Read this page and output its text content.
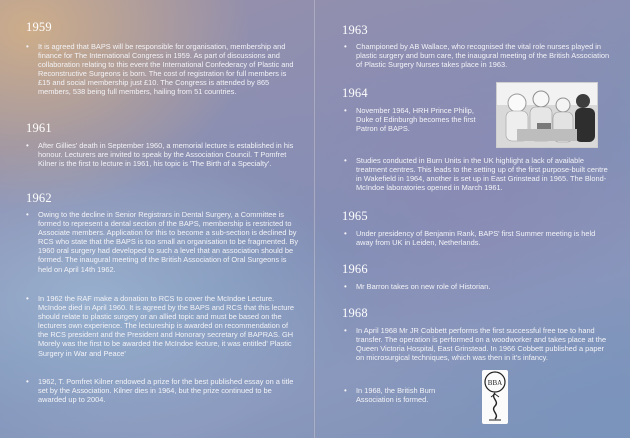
1959
• It is agreed that BAPS will be responsible for organisation, membership and finance for The International Congress in 1959. As part of discussions and collaboration relating to this event the International Confederacy of Plastic and Reconstructive Surgeons is born. The cost of registration for full members is £15 and social membership just £10. The Congress is attended by 865 members, 538 being full members, hailing from 51 countries.
1961
• After Gillies' death in September 1960, a memorial lecture is established in his honour. Lecturers are invited to speak by the Association Council. T Pomfret Kilner is the first to lecture in 1961, his topic is 'The Birth of a Specialty'.
1962
• Owing to the decline in Senior Registrars in Dental Surgery, a Committee is formed to represent a dental section of the BAPS, membership is restricted to Associate members. Application for this to become a sub-section is declined by RCS who state that the BAPS is too small an organisation to be fragmented. By 1960 oral surgery had developed to such a level that an association should be formed. The inaugural meeting of the British Association of Oral Surgeons is held on April 14th 1962.
• In 1962 the RAF make a donation to RCS to cover the McIndoe Lecture. McIndoe died in April 1960. It is agreed by the BAPS and RCS that this lecture should relate to plastic surgery or an allied topic and must be based on the lecturers own experience. The lectureship is awarded on recommendation of the RCS president and the President and Honorary secretary of BAPRAS. GH Morely was the first to be awarded the McIndoe lecture, it was entitled' Plastic Surgery in War and Peace'
• 1962, T. Pomfret Kilner endowed a prize for the best published essay on a title set by the Association. Kilner dies in 1964, but the prize continued to be awarded up to 2004.
1963
• Championed by AB Wallace, who recognised the vital role nurses played in plastic surgery and burn care, the inaugural meeting of the British Association of Plastic Surgery Nurses takes place in 1963.
1964
• November 1964, HRH Prince Philip, Duke of Edinburgh becomes the first Patron of BAPS.
• Studies conducted in Burn Units in the UK highlight a lack of available treatment centres. This leads to the setting up of the first purpose-built centre in Wakefield in 1964, another is set up in East Grinstead in 1965. The Blond-McIndoe laboratories opened in March 1961.
1965
• Under presidency of Benjamin Rank, BAPS' first Summer meeting is held away from UK in Leiden, Netherlands.
1966
• Mr Barron takes on new role of Historian.
1968
• In April 1968 Mr JR Cobbett performs the first successful free toe to hand transfer. The operation is performed on a woodworker and takes place at the Queen Victoria Hospital, East Grinstead. In 1966 Cobbett published a paper on microsurgical techniques, which was then in it's infancy.
• In 1968, the British Burn Association is formed.
BBA
